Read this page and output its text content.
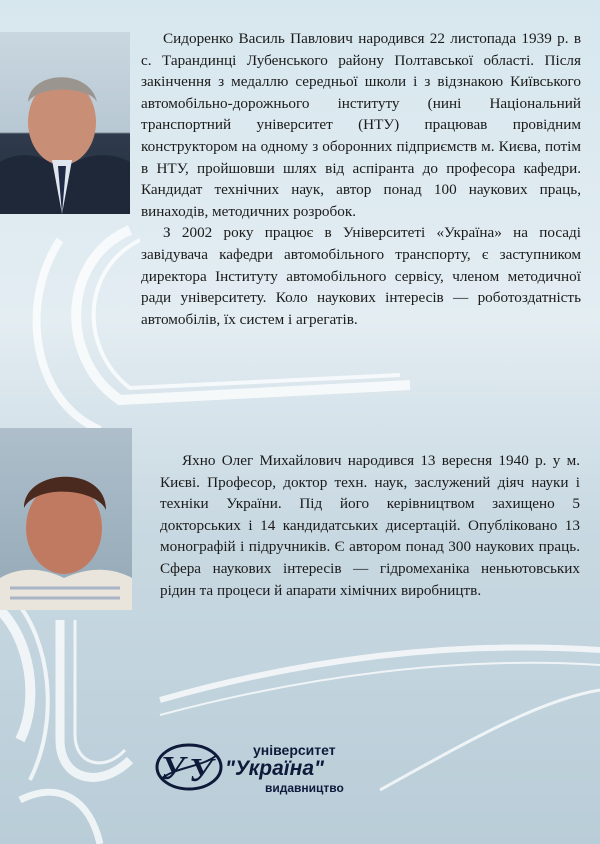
Сидоренко Василь Павлович народився 22 листопада 1939 р. в с. Тарандинці Лубенського району Полтавської області. Після закінчення з медаллю середньої школи і з відзнакою Київського автомобільно-дорожнього інституту (нині Національний транспортний університет (НТУ) працював провідним конструктором на одному з оборонних підприємств м. Києва, потім в НТУ, пройшовши шлях від аспіранта до професора кафедри. Кандидат технічних наук, автор понад 100 наукових праць, винаходів, методичних розробок.

З 2002 року працює в Університеті «Україна» на посаді завідувача кафедри автомобільного транспорту, є заступником директора Інституту автомобільного сервісу, членом методичної ради університету. Коло наукових інтересів — роботоздатність автомобілів, їх систем і агрегатів.

Яхно Олег Михайлович народився 13 вересня 1940 р. у м. Києві. Професор, доктор техн. наук, заслужений діяч науки і техніки України. Під його керівництвом захищено 5 докторських і 14 кандидатських дисертацій. Опубліковано 13 монографій і підручників. Є автором понад 300 наукових праць. Сфера наукових інтересів — гідромеханіка неньютовських рідин та процеси й апарати хімічних виробництв.

У У
університет
"Україна"
видавництво
